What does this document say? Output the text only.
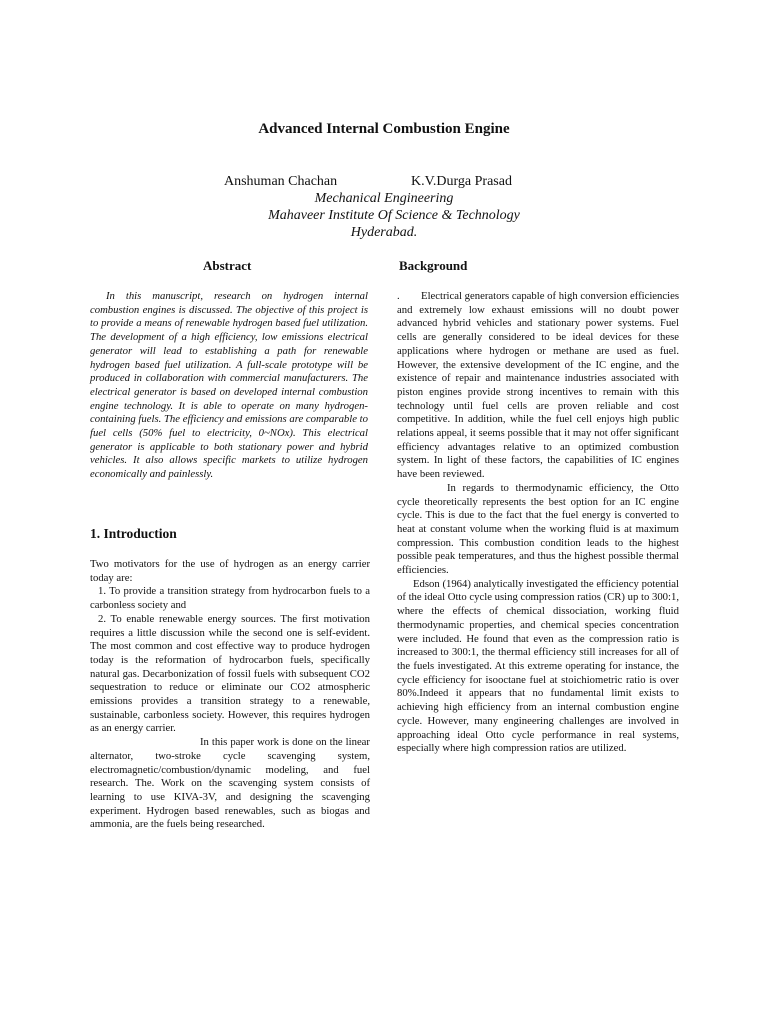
Advanced Internal Combustion Engine
Anshuman Chachan	K.V.Durga Prasad
Mechanical Engineering
Mahaveer Institute Of Science & Technology
Hyderabad.
Abstract

In this manuscript, research on hydrogen internal combustion engines is discussed. The objective of this project is to provide a means of renewable hydrogen based fuel utilization. The development of a high efficiency, low emissions electrical generator will lead to establishing a path for renewable hydrogen based fuel utilization. A full-scale prototype will be produced in collaboration with commercial manufacturers. The electrical generator is based on developed internal combustion engine technology. It is able to operate on many hydrogen-containing fuels. The efficiency and emissions are comparable to fuel cells (50% fuel to electricity, 0~NOx). This electrical generator is applicable to both stationary power and hybrid vehicles. It also allows specific markets to utilize hydrogen economically and painlessly.

1. Introduction

Two motivators for the use of hydrogen as an energy carrier today are:

1. To provide a transition strategy from hydrocarbon fuels to a carbonless society and

2. To enable renewable energy sources. The first motivation requires a little discussion while the second one is self-evident. The most common and cost effective way to produce hydrogen today is the reformation of hydrocarbon fuels, specifically natural gas. Decarbonization of fossil fuels with subsequent CO2 sequestration to reduce or eliminate our CO2 atmospheric emissions provides a transition strategy to a renewable, sustainable, carbonless society. However, this requires hydrogen as an energy carrier.

In this paper work is done on the linear alternator, two-stroke cycle scavenging system, electromagnetic/combustion/dynamic modeling, and fuel research. The. Work on the scavenging system consists of learning to use KIVA-3V, and designing the scavenging experiment. Hydrogen based renewables, such as biogas and ammonia, are the fuels being researched.

Background

.        Electrical generators capable of high conversion efficiencies and extremely low exhaust emissions will no doubt power advanced hybrid vehicles and stationary power systems. Fuel cells are generally considered to be ideal devices for these applications where hydrogen or methane are used as fuel. However, the extensive development of the IC engine, and the existence of repair and maintenance industries associated with piston engines provide strong incentives to remain with this technology until fuel cells are proven reliable and cost competitive. In addition, while the fuel cell enjoys high public relations appeal, it seems possible that it may not offer significant efficiency advantages relative to an optimized combustion system. In light of these factors, the capabilities of IC engines have been reviewed.

In regards to thermodynamic efficiency, the Otto cycle theoretically represents the best option for an IC engine cycle. This is due to the fact that the fuel energy is converted to heat at constant volume when the working fluid is at maximum compression. This combustion condition leads to the highest possible peak temperatures, and thus the highest possible thermal efficiencies.

Edson (1964) analytically investigated the efficiency potential of the ideal Otto cycle using compression ratios (CR) up to 300:1, where the effects of chemical dissociation, working fluid thermodynamic properties, and chemical species concentration were included. He found that even as the compression ratio is increased to 300:1, the thermal efficiency still increases for all of the fuels investigated. At this extreme operating for instance, the cycle efficiency for isooctane fuel at stoichiometric ratio is over 80%.Indeed it appears that no fundamental limit exists to achieving high efficiency from an internal combustion engine cycle. However, many engineering challenges are involved in approaching ideal Otto cycle performance in real systems, especially where high compression ratios are utilized.
